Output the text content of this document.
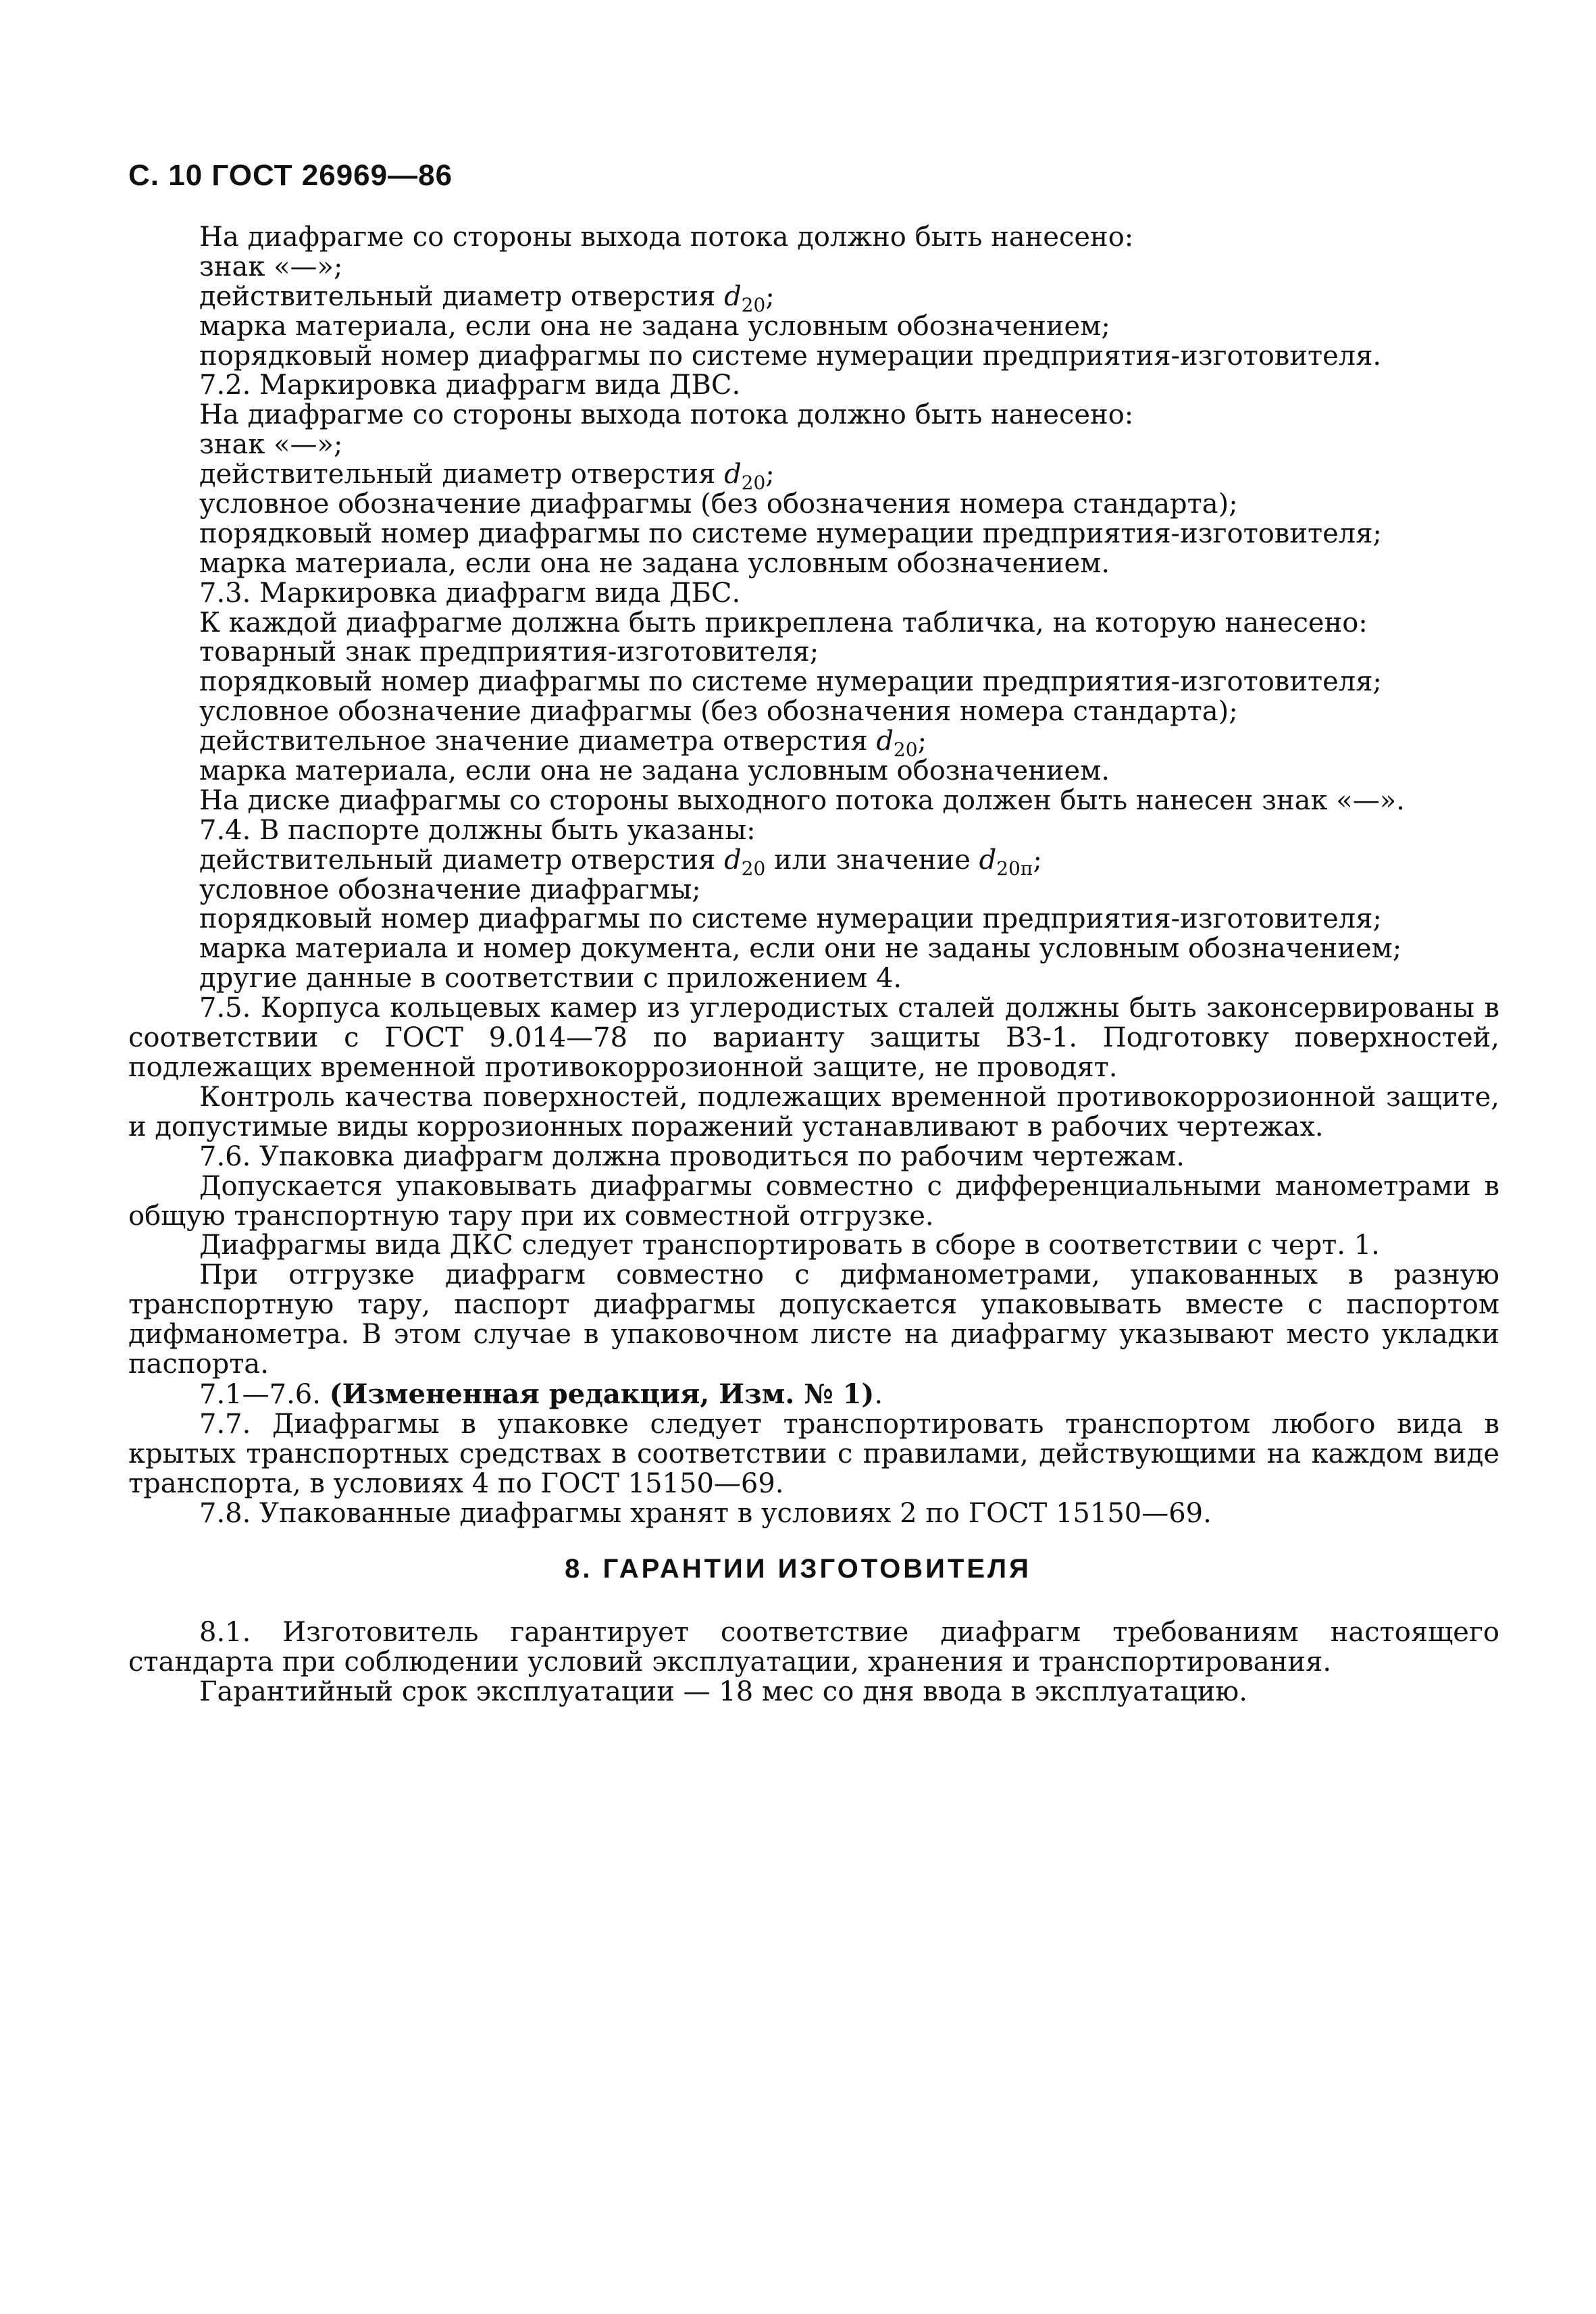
С. 10 ГОСТ 26969—86
На диафрагме со стороны выхода потока должно быть нанесено:
знак «—»;
действительный диаметр отверстия $d_{20}$;
марка материала, если она не задана условным обозначением;
порядковый номер диафрагмы по системе нумерации предприятия-изготовителя.
7.2. Маркировка диафрагм вида ДВС.
На диафрагме со стороны выхода потока должно быть нанесено:
знак «—»;
действительный диаметр отверстия $d_{20}$;
условное обозначение диафрагмы (без обозначения номера стандарта);
порядковый номер диафрагмы по системе нумерации предприятия-изготовителя;
марка материала, если она не задана условным обозначением.
7.3. Маркировка диафрагм вида ДБС.
К каждой диафрагме должна быть прикреплена табличка, на которую нанесено:
товарный знак предприятия-изготовителя;
порядковый номер диафрагмы по системе нумерации предприятия-изготовителя;
условное обозначение диафрагмы (без обозначения номера стандарта);
действительное значение диаметра отверстия $d_{20}$;
марка материала, если она не задана условным обозначением.
На диске диафрагмы со стороны выходного потока должен быть нанесен знак «—».
7.4. В паспорте должны быть указаны:
действительный диаметр отверстия $d_{20}$ или значение $d_{20п}$;
условное обозначение диафрагмы;
порядковый номер диафрагмы по системе нумерации предприятия-изготовителя;
марка материала и номер документа, если они не заданы условным обозначением;
другие данные в соответствии с приложением 4.
7.5. Корпуса кольцевых камер из углеродистых сталей должны быть законсервированы в соответствии с ГОСТ 9.014—78 по варианту защиты ВЗ-1. Подготовку поверхностей, подлежащих временной противокоррозионной защите, не проводят.
Контроль качества поверхностей, подлежащих временной противокоррозионной защите, и допустимые виды коррозионных поражений устанавливают в рабочих чертежах.
7.6. Упаковка диафрагм должна проводиться по рабочим чертежам.
Допускается упаковывать диафрагмы совместно с дифференциальными манометрами в общую транспортную тару при их совместной отгрузке.
Диафрагмы вида ДКС следует транспортировать в сборе в соответствии с черт. 1.
При отгрузке диафрагм совместно с дифманометрами, упакованных в разную транспортную тару, паспорт диафрагмы допускается упаковывать вместе с паспортом дифманометра. В этом случае в упаковочном листе на диафрагму указывают место укладки паспорта.
7.1—7.6. (Измененная редакция, Изм. № 1).
7.7. Диафрагмы в упаковке следует транспортировать транспортом любого вида в крытых транспортных средствах в соответствии с правилами, действующими на каждом виде транспорта, в условиях 4 по ГОСТ 15150—69.
7.8. Упакованные диафрагмы хранят в условиях 2 по ГОСТ 15150—69.
8. ГАРАНТИИ ИЗГОТОВИТЕЛЯ
8.1. Изготовитель гарантирует соответствие диафрагм требованиям настоящего стандарта при соблюдении условий эксплуатации, хранения и транспортирования.
Гарантийный срок эксплуатации — 18 мес со дня ввода в эксплуатацию.
